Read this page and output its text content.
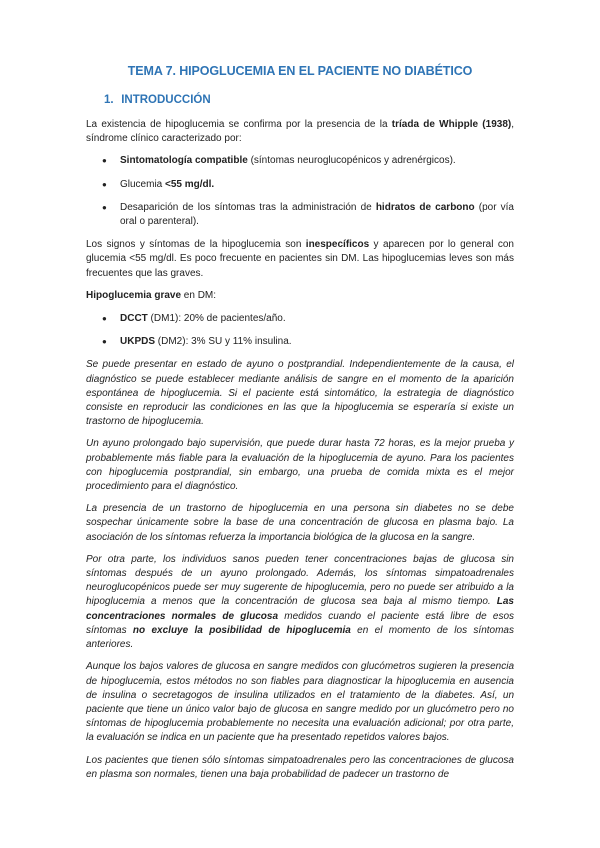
TEMA 7. HIPOGLUCEMIA EN EL PACIENTE NO DIABÉTICO
1. INTRODUCCIÓN

La existencia de hipoglucemia se confirma por la presencia de la tríada de Whipple (1938), síndrome clínico caracterizado por:

● Sintomatología compatible (síntomas neuroglucopénicos y adrenérgicos).
● Glucemia <55 mg/dl.
● Desaparición de los síntomas tras la administración de hidratos de carbono (por vía oral o parenteral).

Los signos y síntomas de la hipoglucemia son inespecíficos y aparecen por lo general con glucemia <55 mg/dl. Es poco frecuente en pacientes sin DM. Las hipoglucemias leves son más frecuentes que las graves.

Hipoglucemia grave en DM:

● DCCT (DM1): 20% de pacientes/año.
● UKPDS (DM2): 3% SU y 11% insulina.

Se puede presentar en estado de ayuno o postprandial. Independientemente de la causa, el diagnóstico se puede establecer mediante análisis de sangre en el momento de la aparición espontánea de hipoglucemia. Si el paciente está sintomático, la estrategia de diagnóstico consiste en reproducir las condiciones en las que la hipoglucemia se esperaría si existe un trastorno de hipoglucemia.

Un ayuno prolongado bajo supervisión, que puede durar hasta 72 horas, es la mejor prueba y probablemente más fiable para la evaluación de la hipoglucemia de ayuno. Para los pacientes con hipoglucemia postprandial, sin embargo, una prueba de comida mixta es el mejor procedimiento para el diagnóstico.

La presencia de un trastorno de hipoglucemia en una persona sin diabetes no se debe sospechar únicamente sobre la base de una concentración de glucosa en plasma bajo. La asociación de los síntomas refuerza la importancia biológica de la glucosa en la sangre.

Por otra parte, los individuos sanos pueden tener concentraciones bajas de glucosa sin síntomas después de un ayuno prolongado. Además, los síntomas simpatoadrenales neuroglucopénicos puede ser muy sugerente de hipoglucemia, pero no puede ser atribuido a la hipoglucemia a menos que la concentración de glucosa sea baja al mismo tiempo. Las concentraciones normales de glucosa medidos cuando el paciente está libre de esos síntomas no excluye la posibilidad de hipoglucemia en el momento de los síntomas anteriores.

Aunque los bajos valores de glucosa en sangre medidos con glucómetros sugieren la presencia de hipoglucemia, estos métodos no son fiables para diagnosticar la hipoglucemia en ausencia de insulina o secretagogos de insulina utilizados en el tratamiento de la diabetes. Así, un paciente que tiene un único valor bajo de glucosa en sangre medido por un glucómetro pero no síntomas de hipoglucemia probablemente no necesita una evaluación adicional; por otra parte, la evaluación se indica en un paciente que ha presentado repetidos valores bajos.

Los pacientes que tienen sólo síntomas simpatoadrenales pero las concentraciones de glucosa en plasma son normales, tienen una baja probabilidad de padecer un trastorno de
